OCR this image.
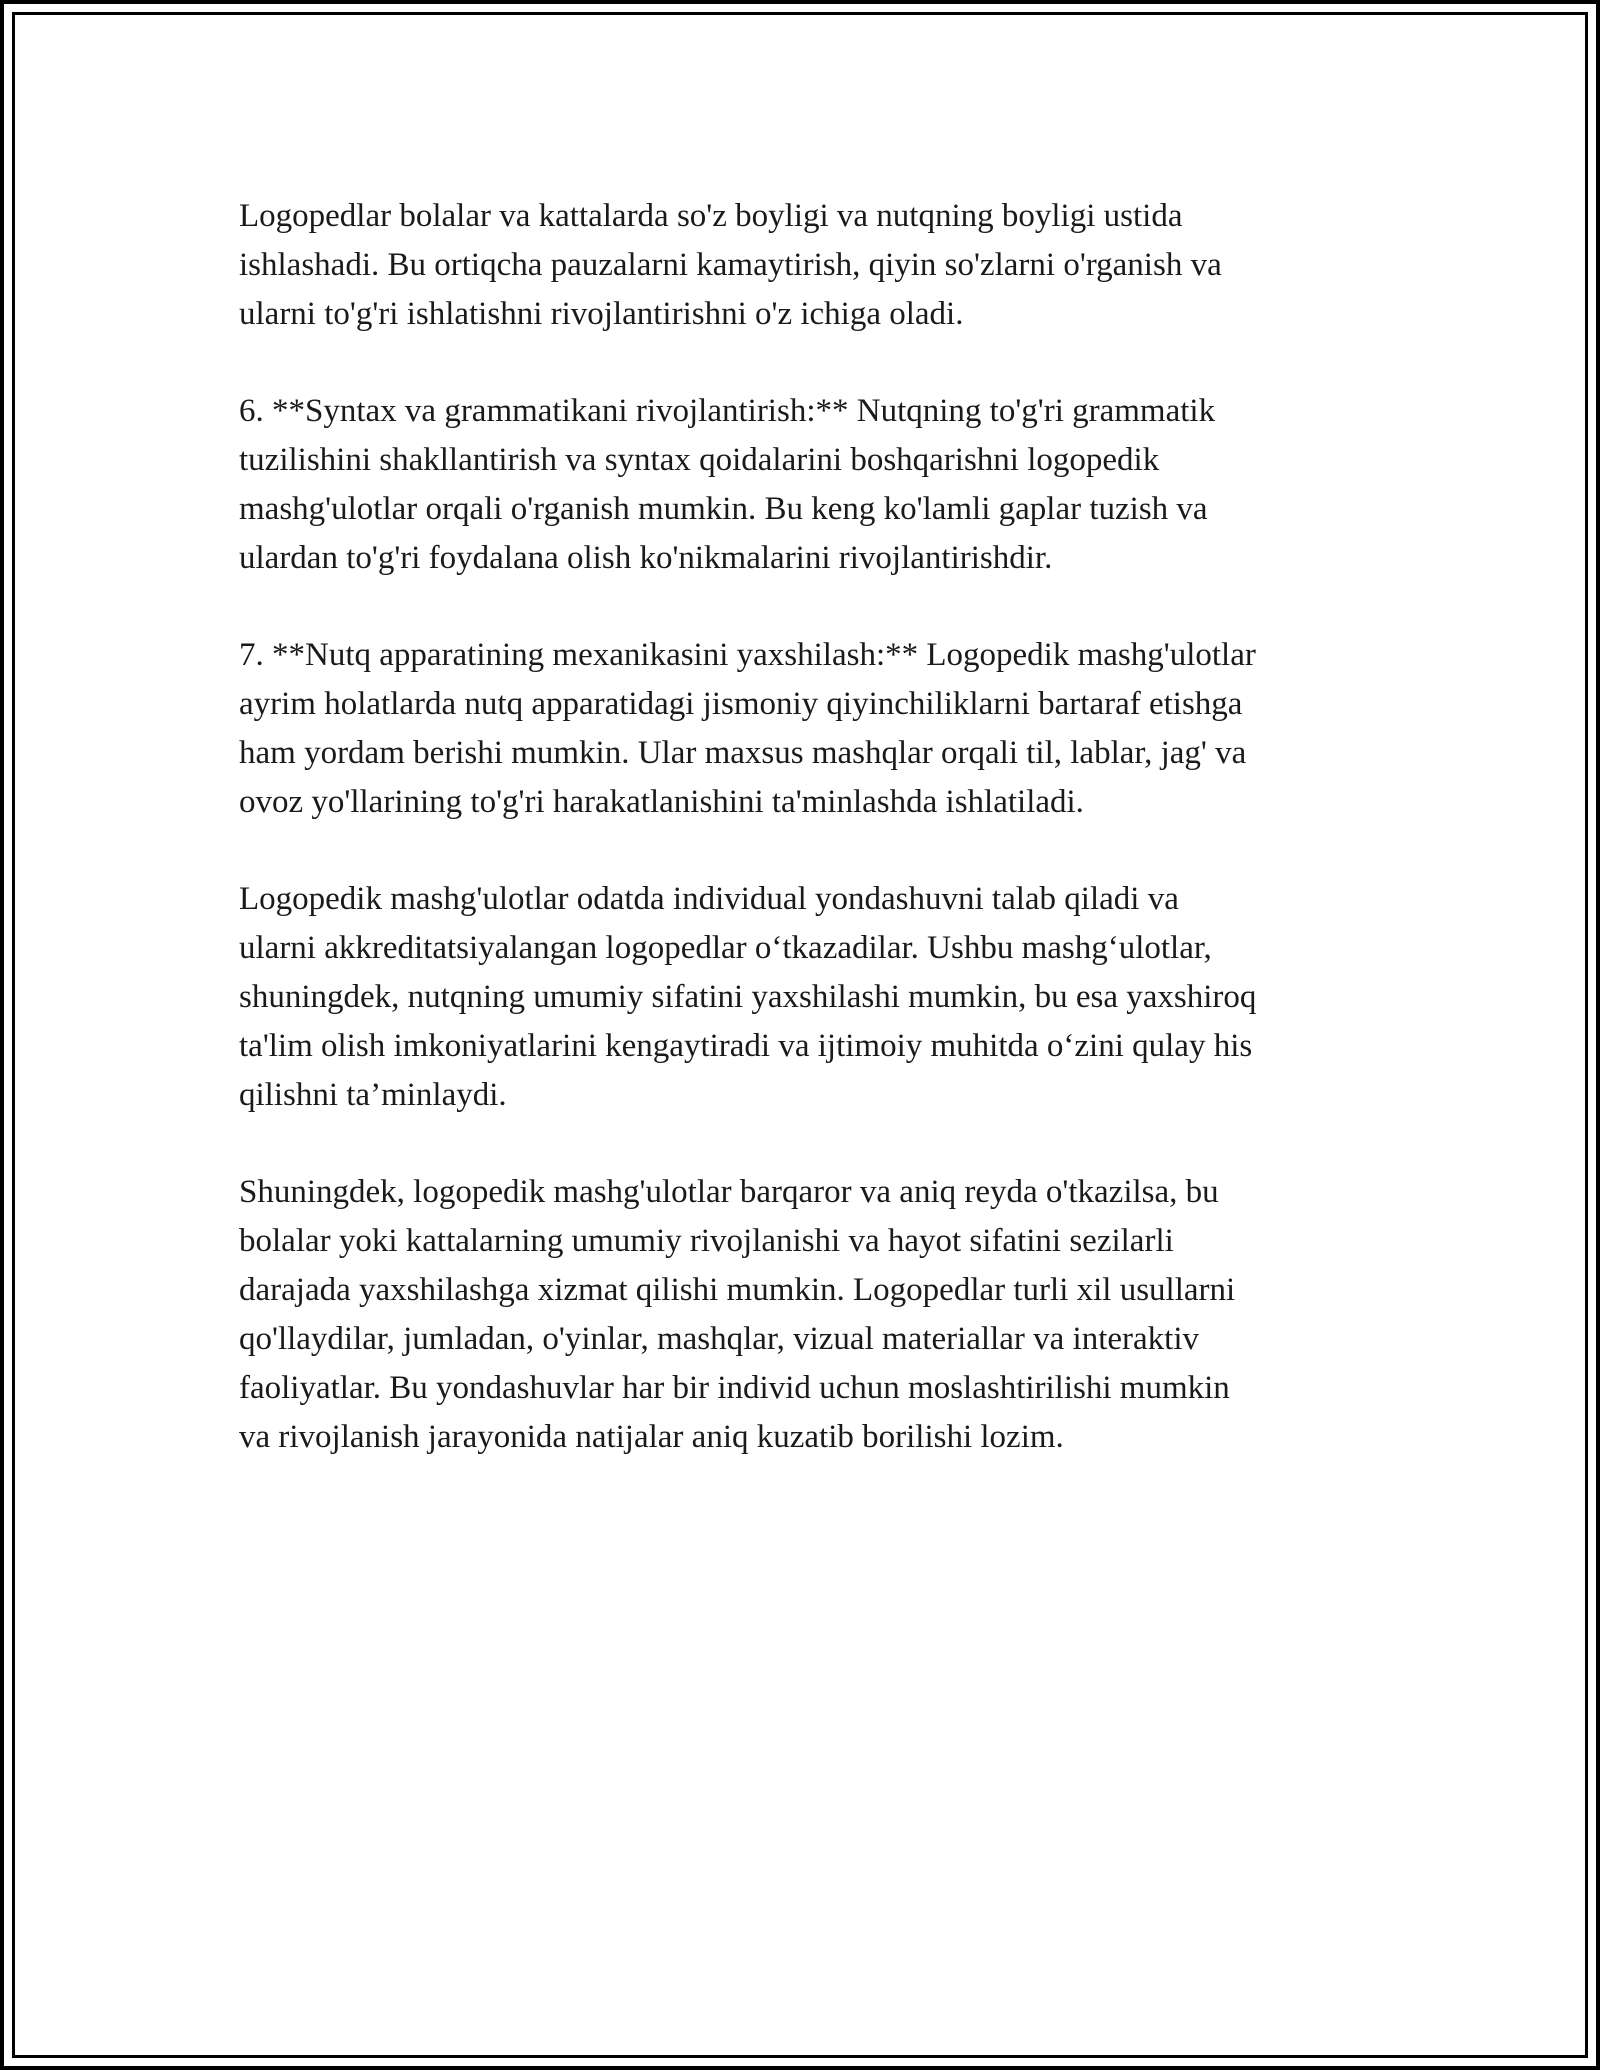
Logopedlar bolalar va kattalarda so'z boyligi va nutqning boyligi ustida
ishlashadi. Bu ortiqcha pauzalarni kamaytirish, qiyin so'zlarni o'rganish va
ularni to'g'ri ishlatishni rivojlantirishni o'z ichiga oladi.

6. **Syntax va grammatikani rivojlantirish:** Nutqning to'g'ri grammatik
tuzilishini shakllantirish va syntax qoidalarini boshqarishni logopedik
mashg'ulotlar orqali o'rganish mumkin. Bu keng ko'lamli gaplar tuzish va
ulardan to'g'ri foydalana olish ko'nikmalarini rivojlantirishdir.

7. **Nutq apparatining mexanikasini yaxshilash:** Logopedik mashg'ulotlar
ayrim holatlarda nutq apparatidagi jismoniy qiyinchiliklarni bartaraf etishga
ham yordam berishi mumkin. Ular maxsus mashqlar orqali til, lablar, jag' va
ovoz yo'llarining to'g'ri harakatlanishini ta'minlashda ishlatiladi.

Logopedik mashg'ulotlar odatda individual yondashuvni talab qiladi va
ularni akkreditatsiyalangan logopedlar o‘tkazadilar. Ushbu mashg‘ulotlar,
shuningdek, nutqning umumiy sifatini yaxshilashi mumkin, bu esa yaxshiroq
ta'lim olish imkoniyatlarini kengaytiradi va ijtimoiy muhitda o‘zini qulay his
qilishni ta’minlaydi.

Shuningdek, logopedik mashg'ulotlar barqaror va aniq reyda o'tkazilsa, bu
bolalar yoki kattalarning umumiy rivojlanishi va hayot sifatini sezilarli
darajada yaxshilashga xizmat qilishi mumkin. Logopedlar turli xil usullarni
qo'llaydilar, jumladan, o'yinlar, mashqlar, vizual materiallar va interaktiv
faoliyatlar. Bu yondashuvlar har bir individ uchun moslashtirilishi mumkin
va rivojlanish jarayonida natijalar aniq kuzatib borilishi lozim.
